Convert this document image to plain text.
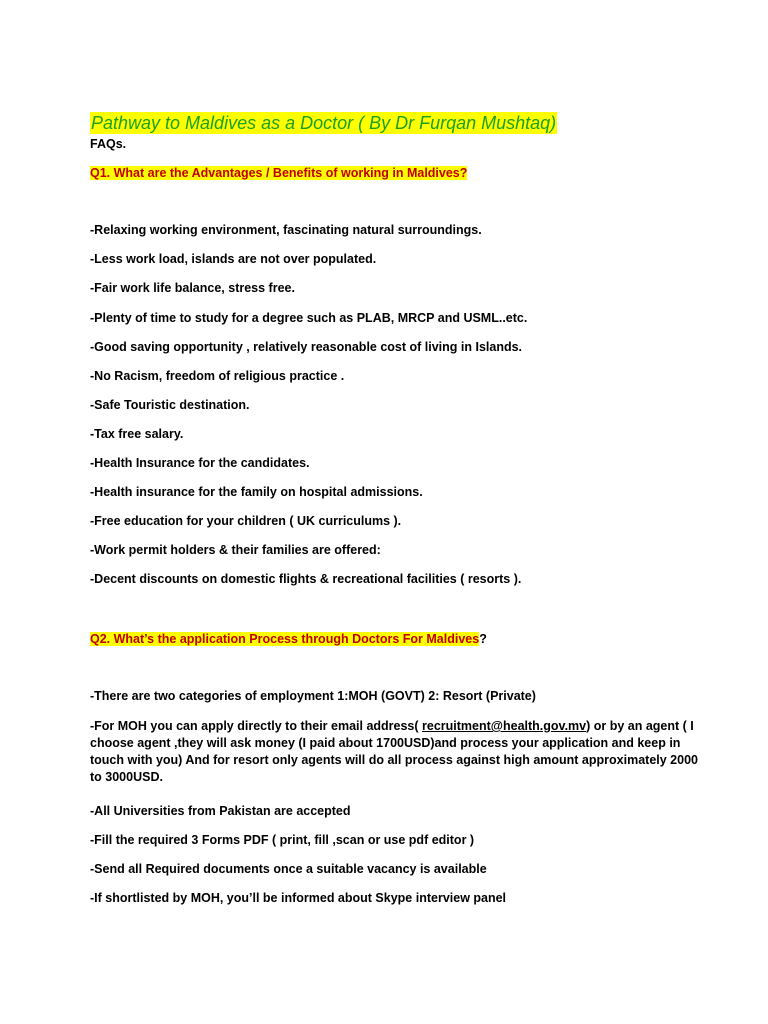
Pathway to Maldives as a Doctor ( By Dr Furqan Mushtaq)
FAQs.
Q1. What are the Advantages / Benefits of working in Maldives?
-Relaxing working environment, fascinating natural surroundings.
-Less work load, islands are not over populated.
-Fair work life balance, stress free.
-Plenty of time to study for a degree such as PLAB, MRCP and USML..etc.
-Good saving opportunity , relatively reasonable cost of living in Islands.
-No Racism, freedom of religious practice .
-Safe Touristic destination.
-Tax free salary.
-Health Insurance for the candidates.
-Health insurance for the family on hospital admissions.
-Free education for your children ( UK curriculums ).
-Work permit holders & their families are offered:
-Decent discounts on domestic flights & recreational facilities ( resorts ).
Q2. What’s the application Process through Doctors For Maldives?
-There are two categories of employment 1:MOH (GOVT) 2: Resort (Private)
-For MOH you can apply directly to their email address( recruitment@health.gov.mv) or by an agent ( I choose agent ,they will ask money (I paid about 1700USD)and process your application and keep in touch with you) And for resort only agents will do all process against high amount approximately 2000 to 3000USD.
-All Universities from Pakistan are accepted
-Fill the required 3 Forms PDF ( print, fill ,scan or use pdf editor )
-Send all Required documents once a suitable vacancy is available
-If shortlisted by MOH, you’ll be informed about Skype interview panel
